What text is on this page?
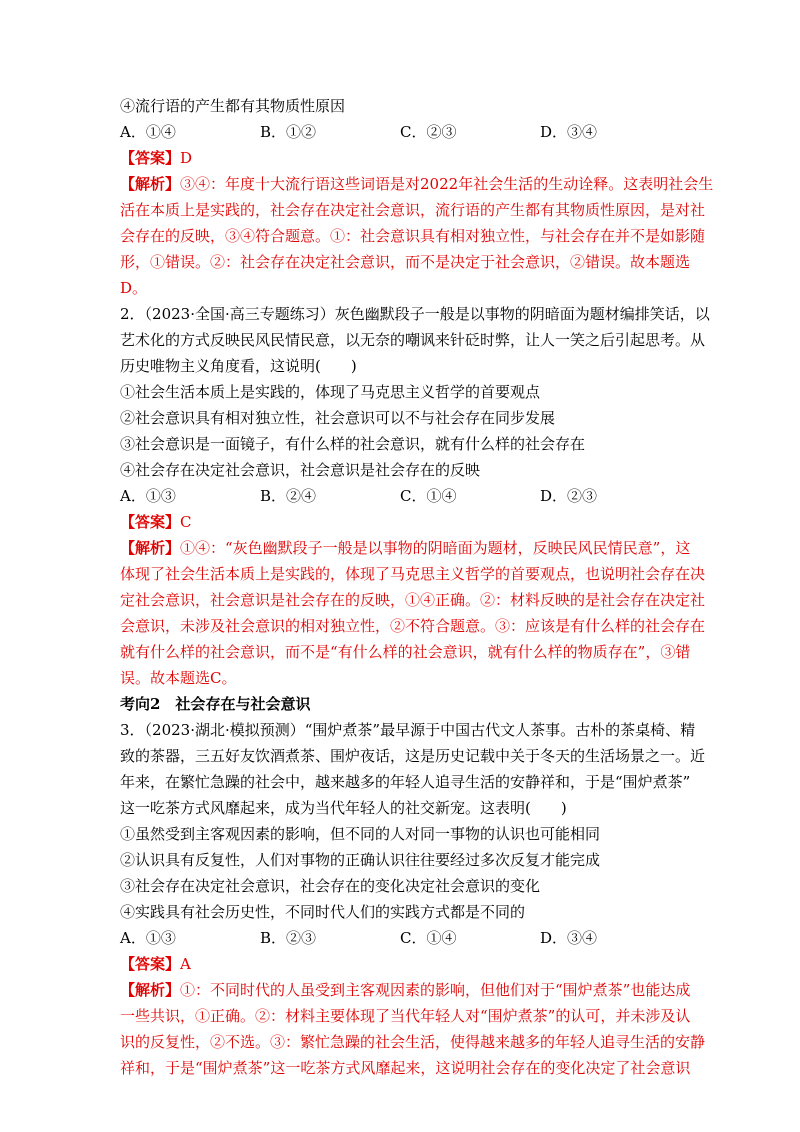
④流行语的产生都有其物质性原因
A．①④	B．①②	C．②③	D．③④
【答案】D
【解析】③④：年度十大流行语这些词语是对2022年社会生活的生动诠释。这表明社会生
活在本质上是实践的，社会存在决定社会意识，流行语的产生都有其物质性原因，是对社
会存在的反映，③④符合题意。①：社会意识具有相对独立性，与社会存在并不是如影随
形，①错误。②：社会存在决定社会意识，而不是决定于社会意识，②错误。故本题选
D。
2．（2023·全国·高三专题练习）灰色幽默段子一般是以事物的阴暗面为题材编排笑话，以
艺术化的方式反映民风民情民意，以无奈的嘲讽来针砭时弊，让人一笑之后引起思考。从
历史唯物主义角度看，这说明(　　)
①社会生活本质上是实践的，体现了马克思主义哲学的首要观点
②社会意识具有相对独立性，社会意识可以不与社会存在同步发展
③社会意识是一面镜子，有什么样的社会意识，就有什么样的社会存在
④社会存在决定社会意识，社会意识是社会存在的反映
A．①③	B．②④	C．①④	D．②③
【答案】C
【解析】①④：“灰色幽默段子一般是以事物的阴暗面为题材，反映民风民情民意”，这
体现了社会生活本质上是实践的，体现了马克思主义哲学的首要观点，也说明社会存在决
定社会意识，社会意识是社会存在的反映，①④正确。②：材料反映的是社会存在决定社
会意识，未涉及社会意识的相对独立性，②不符合题意。③：应该是有什么样的社会存在
就有什么样的社会意识，而不是“有什么样的社会意识，就有什么样的物质存在”，③错
误。故本题选C。
考向2　社会存在与社会意识
3．（2023·湖北·模拟预测）“围炉煮茶”最早源于中国古代文人茶事。古朴的茶桌椅、精
致的茶器，三五好友饮酒煮茶、围炉夜话，这是历史记载中关于冬天的生活场景之一。近
年来，在繁忙急躁的社会中，越来越多的年轻人追寻生活的安静祥和，于是“围炉煮茶”
这一吃茶方式风靡起来，成为当代年轻人的社交新宠。这表明(　　)
①虽然受到主客观因素的影响，但不同的人对同一事物的认识也可能相同
②认识具有反复性，人们对事物的正确认识往往要经过多次反复才能完成
③社会存在决定社会意识，社会存在的变化决定社会意识的变化
④实践具有社会历史性，不同时代人们的实践方式都是不同的
A．①③	B．②③	C．①④	D．③④
【答案】A
【解析】①：不同时代的人虽受到主客观因素的影响，但他们对于“围炉煮茶”也能达成
一些共识，①正确。②：材料主要体现了当代年轻人对“围炉煮茶”的认可，并未涉及认
识的反复性，②不选。③：繁忙急躁的社会生活，使得越来越多的年轻人追寻生活的安静
祥和，于是“围炉煮茶”这一吃茶方式风靡起来，这说明社会存在的变化决定了社会意识
